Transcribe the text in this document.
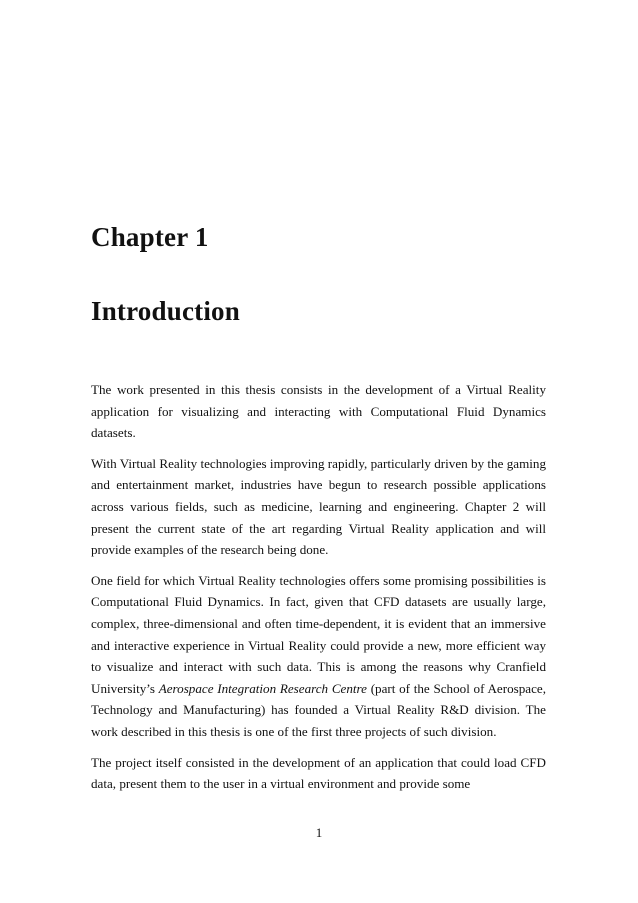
Chapter 1
Introduction

The work presented in this thesis consists in the development of a Virtual Reality application for visualizing and interacting with Computational Fluid Dynamics datasets.

With Virtual Reality technologies improving rapidly, particularly driven by the gaming and entertainment market, industries have begun to research possible applications across various fields, such as medicine, learning and engineering. Chapter 2 will present the current state of the art regarding Virtual Reality application and will provide examples of the research being done.

One field for which Virtual Reality technologies offers some promising possibilities is Computational Fluid Dynamics. In fact, given that CFD datasets are usually large, complex, three-dimensional and often time-dependent, it is evident that an immersive and interactive experience in Virtual Reality could provide a new, more efficient way to visualize and interact with such data. This is among the reasons why Cranfield University’s Aerospace Integration Research Centre (part of the School of Aerospace, Technology and Manufacturing) has founded a Virtual Reality R&D division. The work described in this thesis is one of the first three projects of such division.

The project itself consisted in the development of an application that could load CFD data, present them to the user in a virtual environment and provide some

1
